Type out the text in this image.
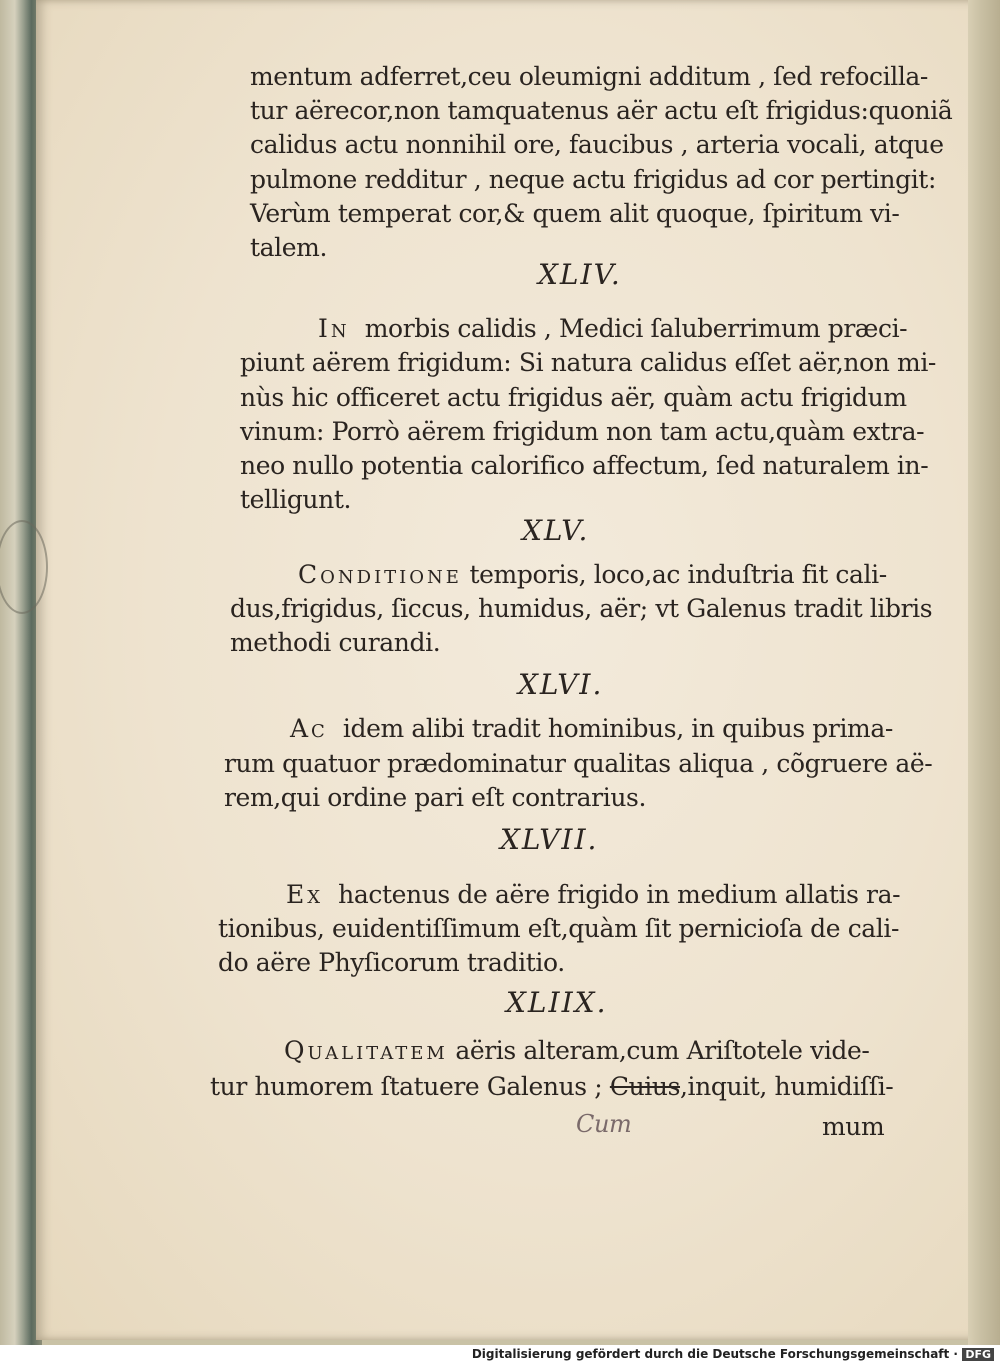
mentum adferret,ceu oleumigni additum , ſed refocilla-
tur aërecor,non tamquatenus aër actu eſt frigidus:quoniã
calidus actu nonnihil ore, faucibus , arteria vocali, atque
pulmone redditur , neque actu frigidus ad cor pertingit:
Verùm temperat cor,& quem alit quoque, ſpiritum vi-
talem.
XLIV.
In morbis calidis , Medici ſaluberrimum præci-
piunt aërem frigidum: Si natura calidus eſſet aër,non mi-
nùs hic officeret actu frigidus aër, quàm actu frigidum
vinum: Porrò aërem frigidum non tam actu,quàm extra-
neo nullo potentia calorifico affectum, ſed naturalem in-
telligunt.
XLV.
Conditione temporis, loco,ac induſtria fit cali-
dus,frigidus, ſiccus, humidus, aër; vt Galenus tradit libris
methodi curandi.
XLVI.
Ac idem alibi tradit hominibus, in quibus prima-
rum quatuor prædominatur qualitas aliqua , cõgruere aë-
rem,qui ordine pari eſt contrarius.
XLVII.
Ex hactenus de aëre frigido in medium allatis ra-
tionibus, euidentiſſimum eſt,quàm ſit pernicioſa de cali-
do aëre Phyſicorum traditio.
XLIIX.
Qualitatem aëris alteram,cum Ariſtotele vide-
tur humorem ſtatuere Galenus ; Cuius,inquit, humidiſſi-
Cum	mum
Digitalisierung gefördert durch die Deutsche Forschungsgemeinschaft · DFG
